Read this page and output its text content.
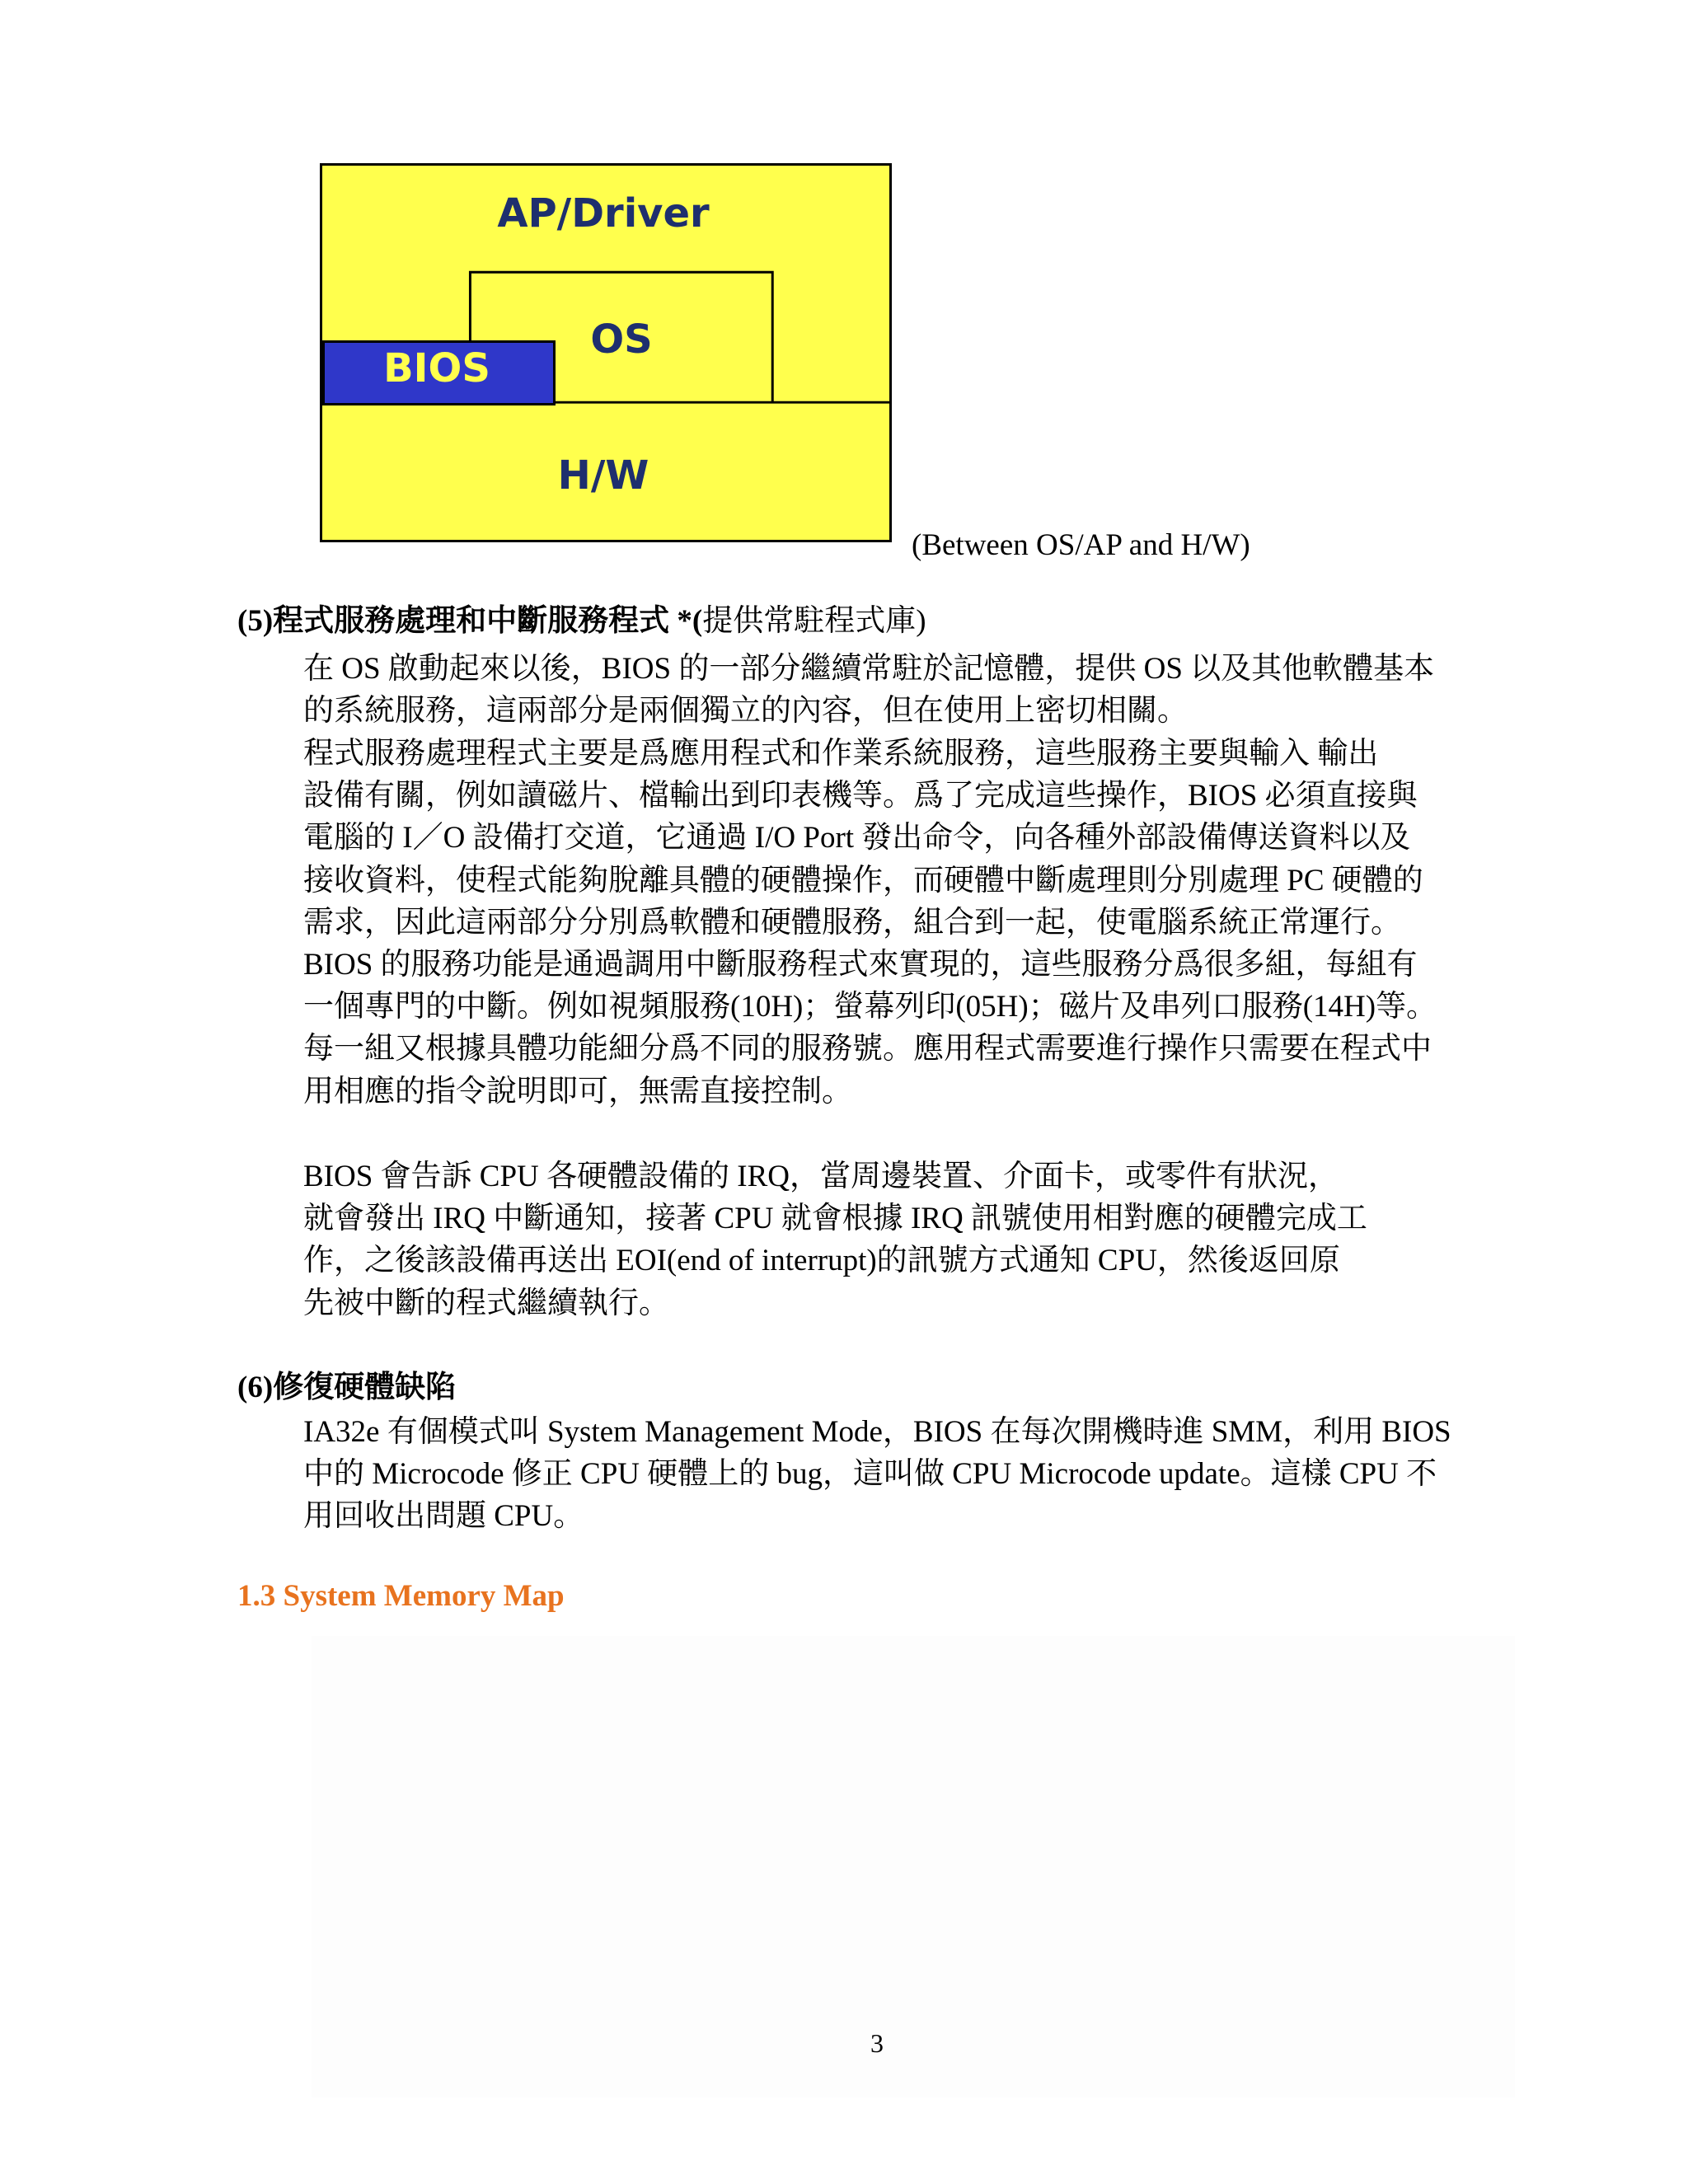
AP/Driver
OS
BIOS
H/W
(Between OS/AP and H/W)
(5)程式服務處理和中斷服務程式 *(提供常駐程式庫)
在 OS 啟動起來以後，BIOS 的一部分繼續常駐於記憶體，提供 OS 以及其他軟體基本
的系統服務，這兩部分是兩個獨立的內容，但在使用上密切相關。
程式服務處理程式主要是爲應用程式和作業系統服務，這些服務主要與輸入 輸出
設備有關，例如讀磁片、檔輸出到印表機等。爲了完成這些操作，BIOS 必須直接與
電腦的 I／O 設備打交道，它通過 I/O Port 發出命令，向各種外部設備傳送資料以及
接收資料，使程式能夠脫離具體的硬體操作，而硬體中斷處理則分別處理 PC 硬體的
需求，因此這兩部分分別爲軟體和硬體服務，組合到一起，使電腦系統正常運行。
BIOS 的服務功能是通過調用中斷服務程式來實現的，這些服務分爲很多組，每組有
一個專門的中斷。例如視頻服務(10H)；螢幕列印(05H)；磁片及串列口服務(14H)等。
每一組又根據具體功能細分爲不同的服務號。應用程式需要進行操作只需要在程式中
用相應的指令說明即可，無需直接控制。
BIOS 會告訴 CPU 各硬體設備的 IRQ，當周邊裝置、介面卡，或零件有狀況，
就會發出 IRQ 中斷通知，接著 CPU 就會根據 IRQ 訊號使用相對應的硬體完成工
作，之後該設備再送出 EOI(end of interrupt)的訊號方式通知 CPU，然後返回原
先被中斷的程式繼續執行。
(6)修復硬體缺陷
IA32e 有個模式叫 System Management Mode，BIOS 在每次開機時進 SMM，利用 BIOS
中的 Microcode 修正 CPU 硬體上的 bug，這叫做 CPU Microcode update。這樣 CPU 不
用回收出問題 CPU。
1.3 System Memory Map
3
